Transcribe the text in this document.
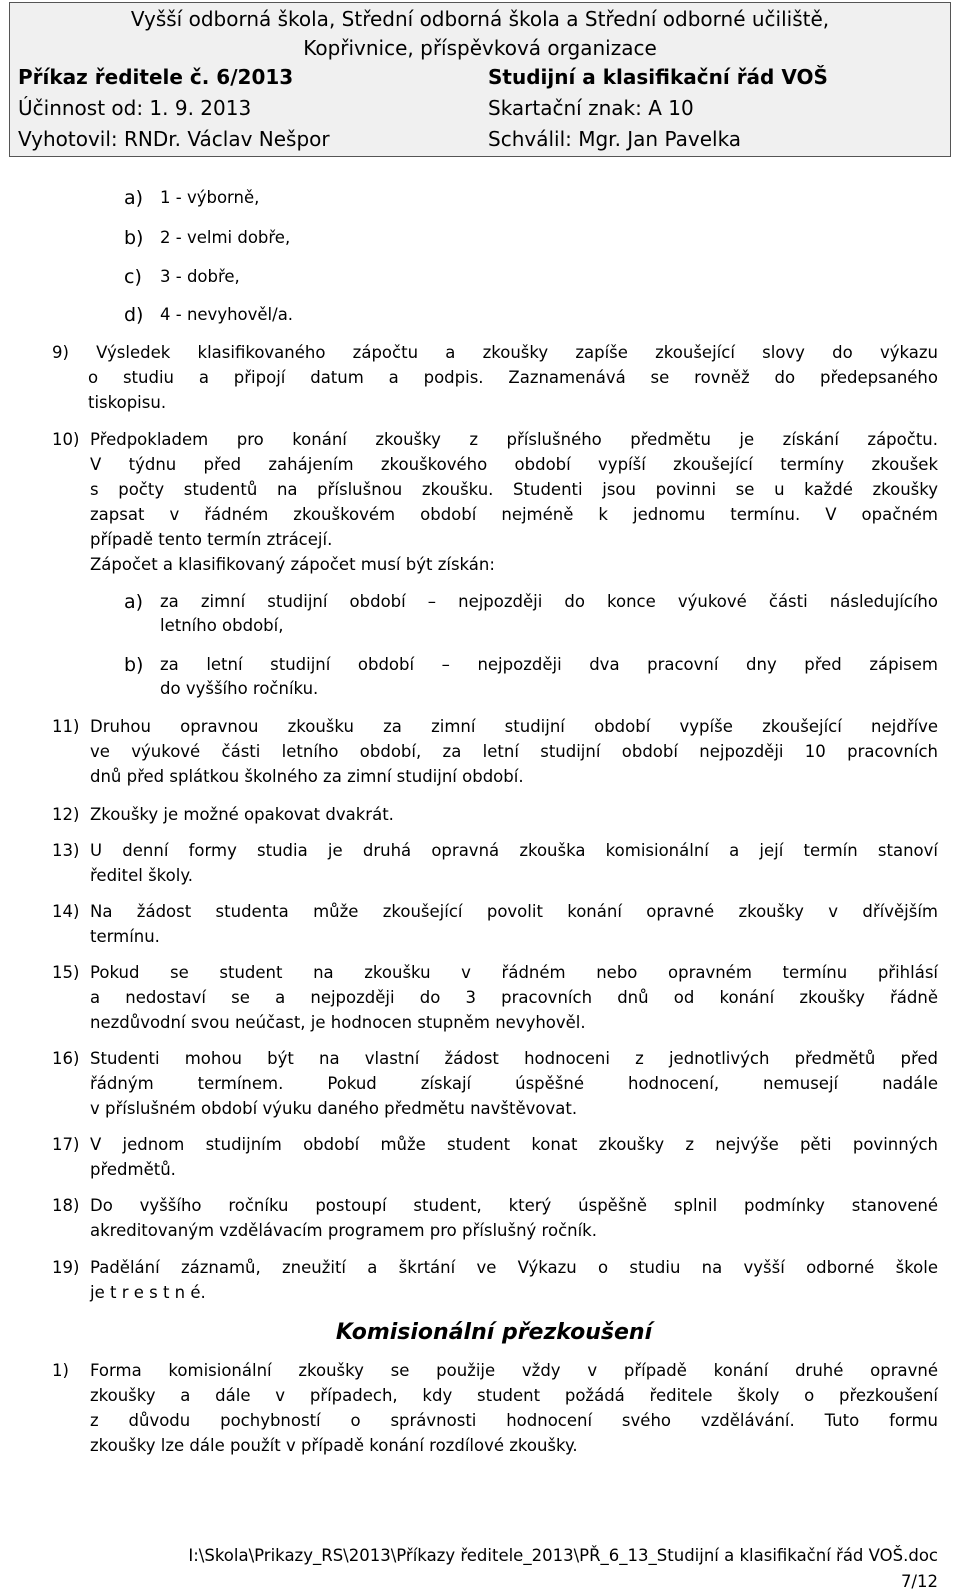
Vyšší odborná škola, Střední odborná škola a Střední odborné učiliště,
Kopřivnice, příspěvková organizace
Příkaz ředitele č. 6/2013	Studijní a klasifikační řád VOŠ
Účinnost od: 1. 9. 2013	Skartační znak: A 10
Vyhotovil: RNDr. Václav Nešpor	Schválil: Mgr. Jan Pavelka
a) 1 - výborně,
b) 2 - velmi dobře,
c) 3 - dobře,
d) 4 - nevyhověl/a.
9) Výsledek klasifikovaného zápočtu a zkoušky zapíše zkoušející slovy do výkazu
o studiu a připojí datum a podpis. Zaznamenává se rovněž do předepsaného
tiskopisu.
10) Předpokladem pro konání zkoušky z příslušného předmětu je získání zápočtu.
V týdnu před zahájením zkouškového období vypíší zkoušející termíny zkoušek
s počty studentů na příslušnou zkoušku. Studenti jsou povinni se u každé zkoušky
zapsat v řádném zkouškovém období nejméně k jednomu termínu. V opačném
případě tento termín ztrácejí.
Zápočet a klasifikovaný zápočet musí být získán:
a) za zimní studijní období – nejpozději do konce výukové části následujícího
letního období,
b) za letní studijní období – nejpozději dva pracovní dny před zápisem
do vyššího ročníku.
11) Druhou opravnou zkoušku za zimní studijní období vypíše zkoušející nejdříve
ve výukové části letního období, za letní studijní období nejpozději 10 pracovních
dnů před splátkou školného za zimní studijní období.
12) Zkoušky je možné opakovat dvakrát.
13) U denní formy studia je druhá opravná zkouška komisionální a její termín stanoví
ředitel školy.
14) Na žádost studenta může zkoušející povolit konání opravné zkoušky v dřívějším
termínu.
15) Pokud se student na zkoušku v řádném nebo opravném termínu přihlásí
a nedostaví se a nejpozději do 3 pracovních dnů od konání zkoušky řádně
nezdůvodní svou neúčast, je hodnocen stupněm nevyhověl.
16) Studenti mohou být na vlastní žádost hodnoceni z jednotlivých předmětů před
řádným termínem. Pokud získají úspěšné hodnocení, nemusejí nadále
v příslušném období výuku daného předmětu navštěvovat.
17) V jednom studijním období může student konat zkoušky z nejvýše pěti povinných
předmětů.
18) Do vyššího ročníku postoupí student, který úspěšně splnil podmínky stanovené
akreditovaným vzdělávacím programem pro příslušný ročník.
19) Padělání záznamů, zneužití a škrtání ve Výkazu o studiu na vyšší odborné škole
je t r e s t n é.
Komisionální přezkoušení
1) Forma komisionální zkoušky se použije vždy v případě konání druhé opravné
zkoušky a dále v případech, kdy student požádá ředitele školy o přezkoušení
z důvodu pochybností o správnosti hodnocení svého vzdělávání. Tuto formu
zkoušky lze dále použít v případě konání rozdílové zkoušky.
I:\Skola\Prikazy_RS\2013\Příkazy ředitele_2013\PŘ_6_13_Studijní a klasifikační řád VOŠ.doc
7/12
